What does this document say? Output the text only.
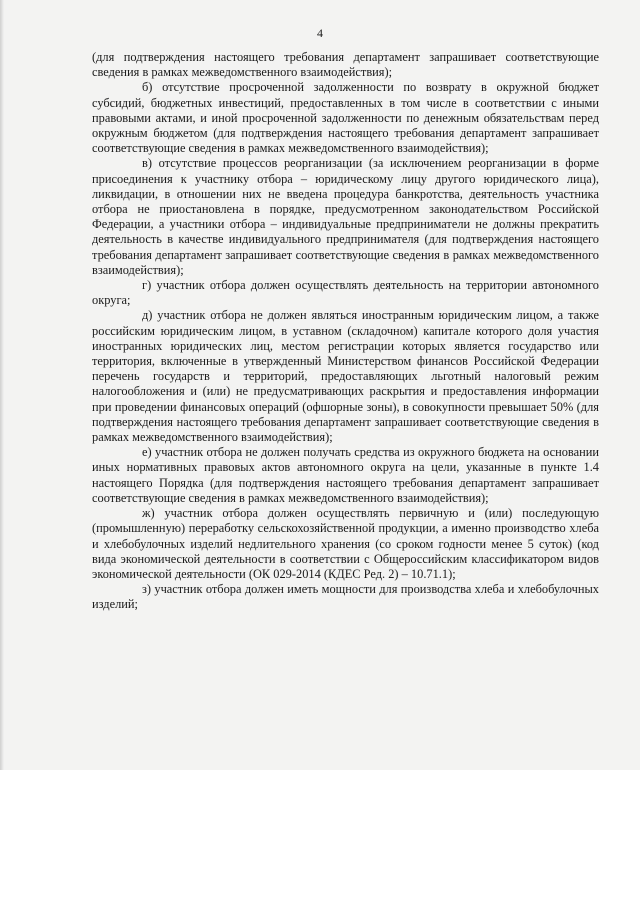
4

(для подтверждения настоящего требования департамент запрашивает соответствующие сведения в рамках межведомственного взаимодействия);

б) отсутствие просроченной задолженности по возврату в окружной бюджет субсидий, бюджетных инвестиций, предоставленных в том числе в соответствии с иными правовыми актами, и иной просроченной задолженности по денежным обязательствам перед окружным бюджетом (для подтверждения настоящего требования департамент запрашивает соответствующие сведения в рамках межведомственного взаимодействия);

в) отсутствие процессов реорганизации (за исключением реорганизации в форме присоединения к участнику отбора – юридическому лицу другого юридического лица), ликвидации, в отношении них не введена процедура банкротства, деятельность участника отбора не приостановлена в порядке, предусмотренном законодательством Российской Федерации, а участники отбора – индивидуальные предприниматели не должны прекратить деятельность в качестве индивидуального предпринимателя (для подтверждения настоящего требования департамент запрашивает соответствующие сведения в рамках межведомственного взаимодействия);

г) участник отбора должен осуществлять деятельность на территории автономного округа;

д) участник отбора не должен являться иностранным юридическим лицом, а также российским юридическим лицом, в уставном (складочном) капитале которого доля участия иностранных юридических лиц, местом регистрации которых является государство или территория, включенные в утвержденный Министерством финансов Российской Федерации перечень государств и территорий, предоставляющих льготный налоговый режим налогообложения и (или) не предусматривающих раскрытия и предоставления информации при проведении финансовых операций (офшорные зоны), в совокупности превышает 50% (для подтверждения настоящего требования департамент запрашивает соответствующие сведения в рамках межведомственного взаимодействия);

е) участник отбора не должен получать средства из окружного бюджета на основании иных нормативных правовых актов автономного округа на цели, указанные в пункте 1.4 настоящего Порядка (для подтверждения настоящего требования департамент запрашивает соответствующие сведения в рамках межведомственного взаимодействия);

ж) участник отбора должен осуществлять первичную и (или) последующую (промышленную) переработку сельскохозяйственной продукции, а именно производство хлеба и хлебобулочных изделий недлительного хранения (со сроком годности менее 5 суток) (код вида экономической деятельности в соответствии с Общероссийским классификатором видов экономической деятельности (ОК 029-2014 (КДЕС Ред. 2) – 10.71.1);

з) участник отбора должен иметь мощности для производства хлеба и хлебобулочных изделий;
